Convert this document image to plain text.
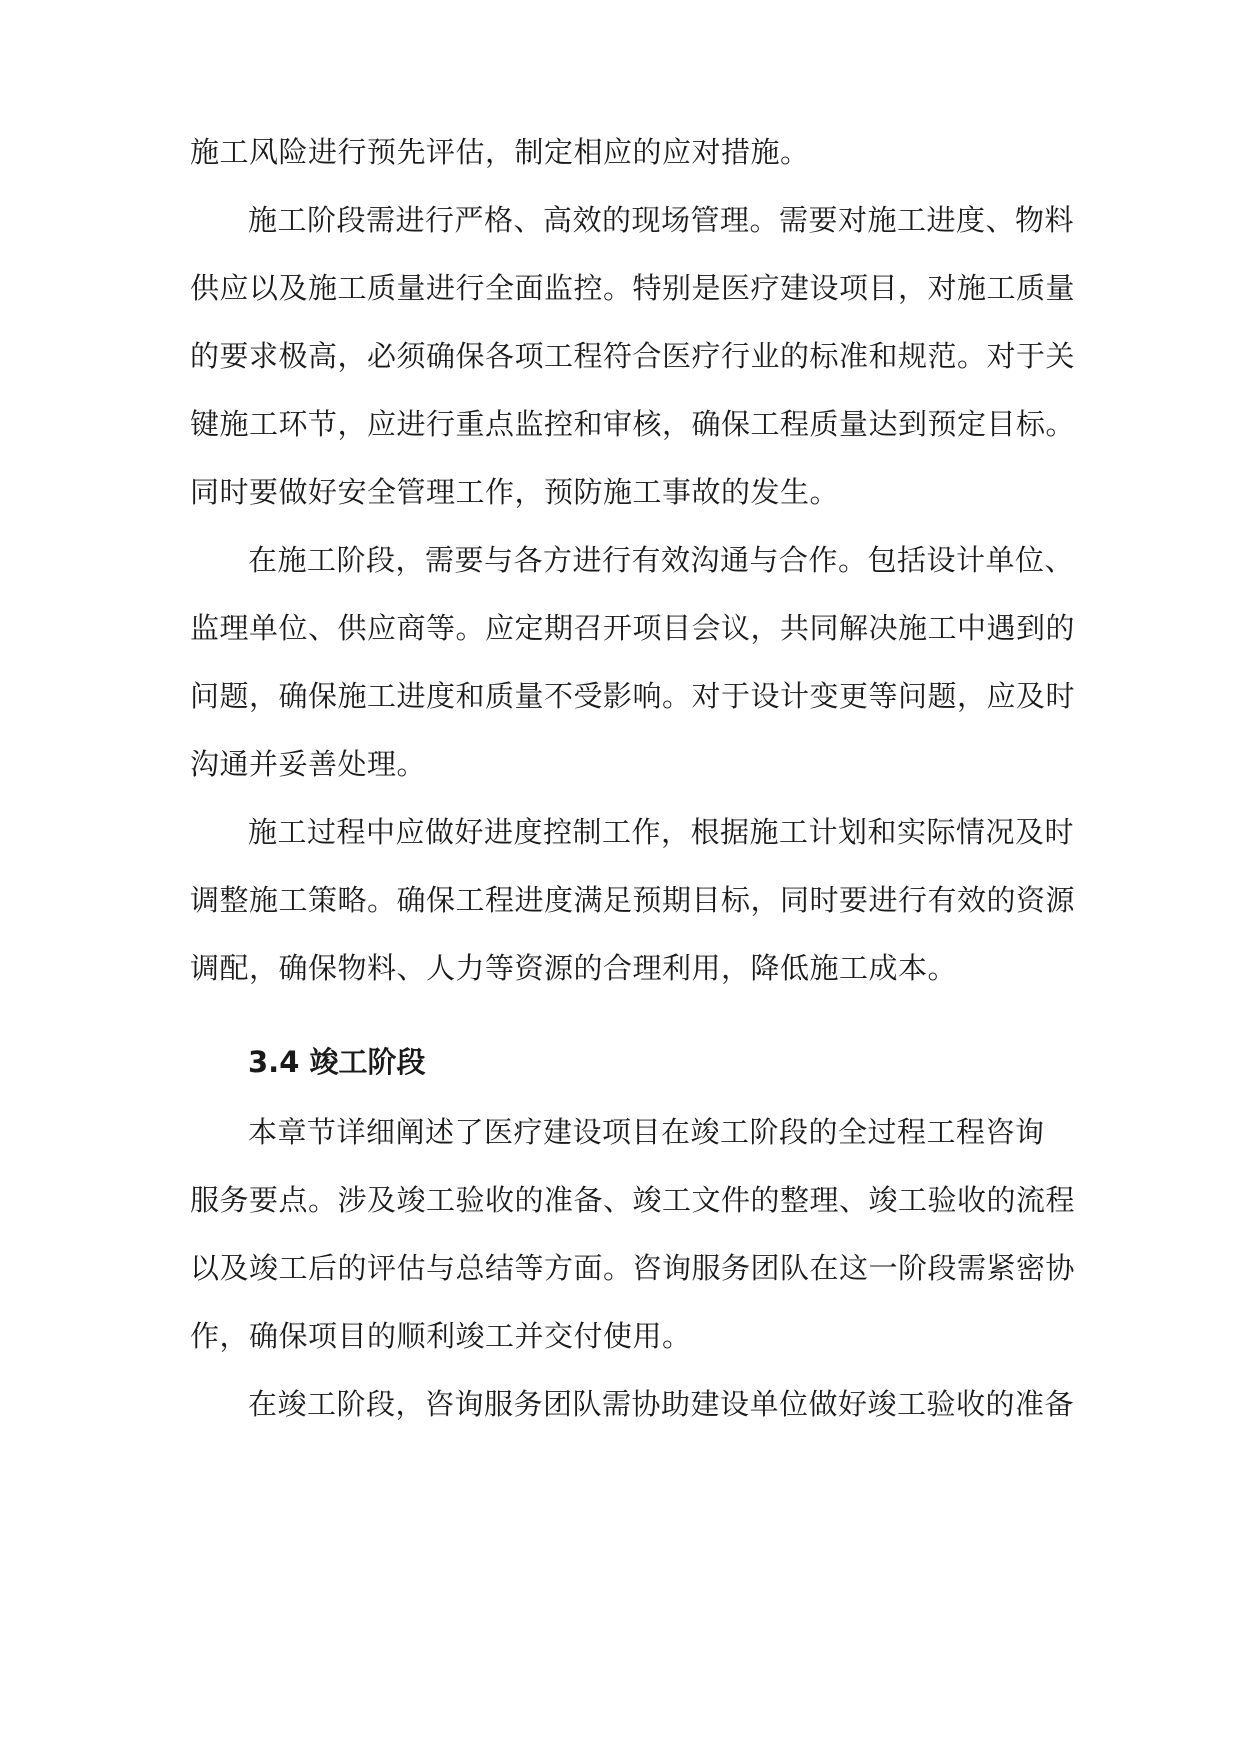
施工风险进行预先评估，制定相应的应对措施。
施工阶段需进行严格、高效的现场管理。需要对施工进度、物料
供应以及施工质量进行全面监控。特别是医疗建设项目，对施工质量
的要求极高，必须确保各项工程符合医疗行业的标准和规范。对于关
键施工环节，应进行重点监控和审核，确保工程质量达到预定目标。
同时要做好安全管理工作，预防施工事故的发生。
在施工阶段，需要与各方进行有效沟通与合作。包括设计单位、
监理单位、供应商等。应定期召开项目会议，共同解决施工中遇到的
问题，确保施工进度和质量不受影响。对于设计变更等问题，应及时
沟通并妥善处理。
施工过程中应做好进度控制工作，根据施工计划和实际情况及时
调整施工策略。确保工程进度满足预期目标，同时要进行有效的资源
调配，确保物料、人力等资源的合理利用，降低施工成本。
3.4 竣工阶段
本章节详细阐述了医疗建设项目在竣工阶段的全过程工程咨询
服务要点。涉及竣工验收的准备、竣工文件的整理、竣工验收的流程
以及竣工后的评估与总结等方面。咨询服务团队在这一阶段需紧密协
作，确保项目的顺利竣工并交付使用。
在竣工阶段，咨询服务团队需协助建设单位做好竣工验收的准备
